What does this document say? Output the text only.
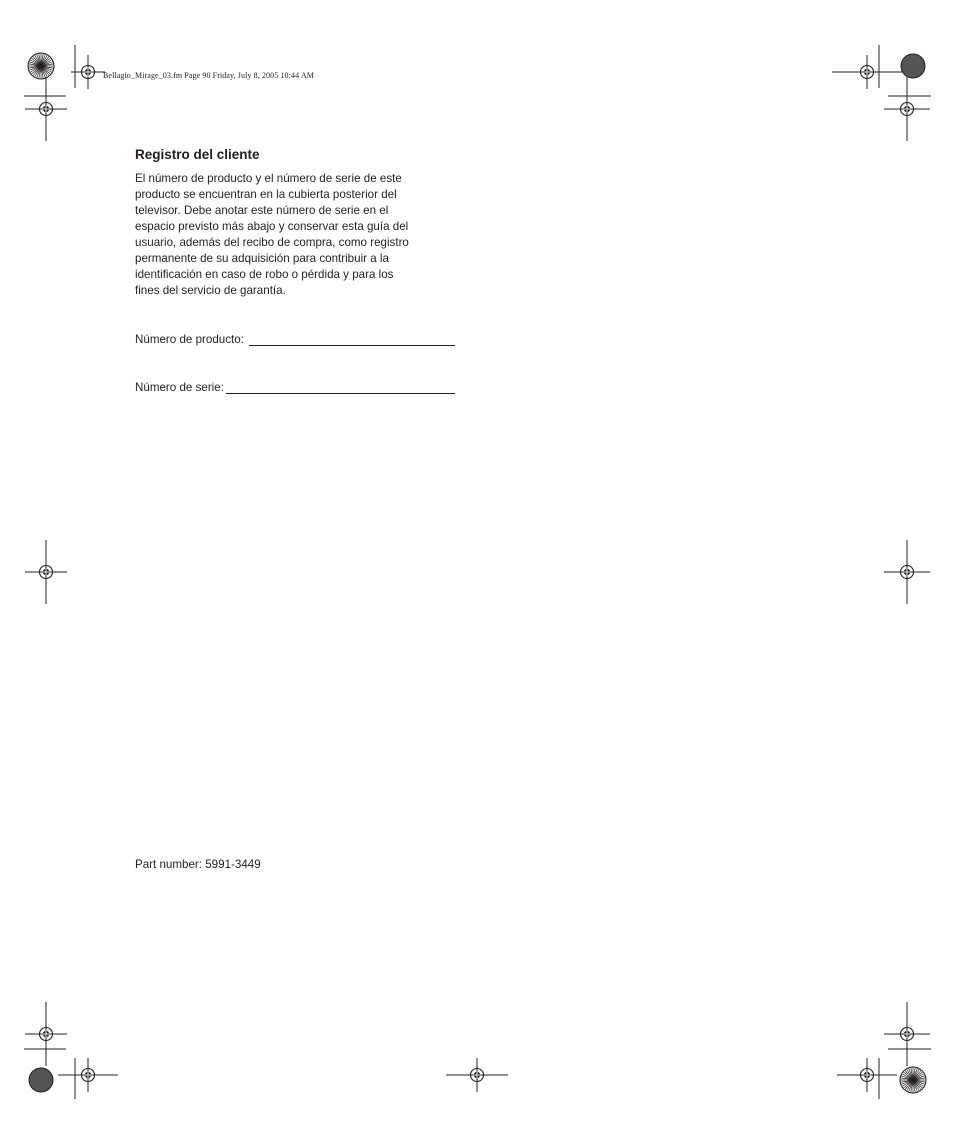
Bellagio_Mirage_03.fm Page 90 Friday, July 8, 2005 10:44 AM
Registro del cliente

El número de producto y el número de serie de este
producto se encuentran en la cubierta posterior del
televisor. Debe anotar este número de serie en el
espacio previsto más abajo y conservar esta guía del
usuario, además del recibo de compra, como registro
permanente de su adquisición para contribuir a la
identificación en caso de robo o pérdida y para los
fines del servicio de garantía.

Número de producto:
Número de serie:
Part number: 5991-3449
